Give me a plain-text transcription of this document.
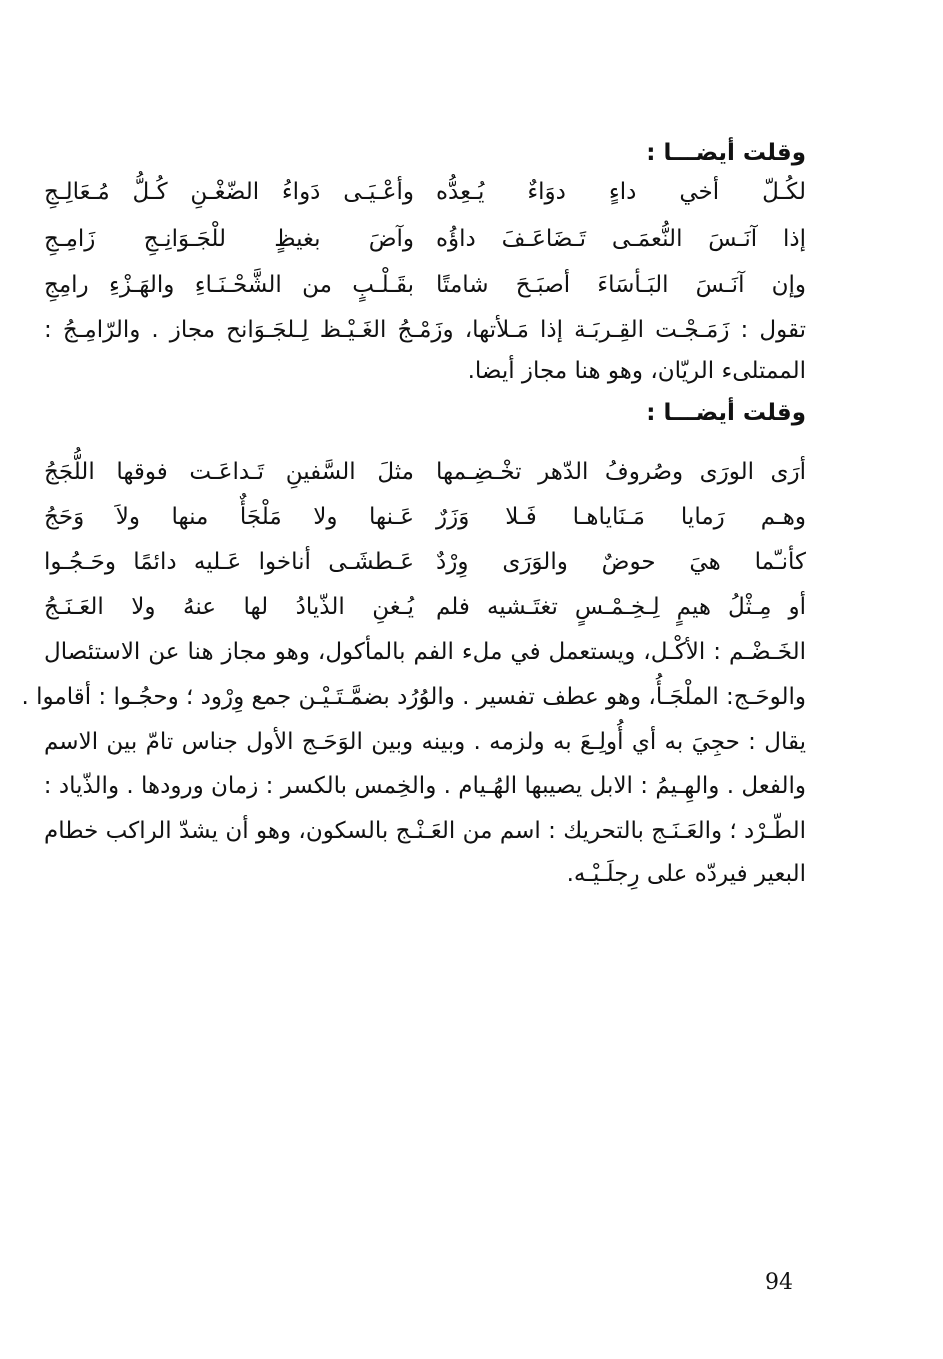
وقلت أيضـــا :
لكُـلّ أخي داءٍ دوَاءٌ يُـعِدُّه
وأعْـيَـى دَواءُ الضّغْـنِ كُـلُّ مُـعَالِـجِ
إذا آنَـسَ النُّعمَـى تَـضَاعَـفَ داؤُه
وآضَ بغيظٍ للْجَـوَانِـجِ زَامِـجِ
وإن آنَـسَ البَـأسَاءَ أصبَـحَ شامتًا
بقَـلْـبٍ من الشَّحْـنَـاءِ والهَـزْءِ رامِجِ
تقول : زَمَـجْـت القِـربَـة إذا مَـلأتها، وزَمْـجُ الغَـيْـظ لِـلجَـوَانح مجاز . والرّامِـجُ :
الممتلىء الريّان، وهو هنا مجاز أيضا.
وقلت أيضـــا :
أرَى الورَى وصُروفُ الدّهر تخْـضِـمها
مثلَ السَّفينِ تَـداعَـت فوقها اللُّجَجُ
وهـم رَمايا مَـنَاياهـا فَـلا وَزَرٌ
عَـنها ولا مَلْجَأٌ منها ولاَ وَحَجُ
كأنـّما هيَ حوضٌ والوَرَى وِرْدٌ
عَـطشَـى أناخوا عَـليه دائمًا وحَـجُـوا
أو مِـثْلُ هيمٍ لِـخِـمْـسٍ تغتَـشيه فلم
يُـغنِ الذّيادُ لها عنهُ ولا العَـنَـجُ
الخَـضْـم : الأكْـل، ويستعمل في ملء الفم بالمأكول، وهو مجاز هنا عن الاستئصال
والوحَـج: الملْجَـأُ، وهو عطف تفسير . والوُرُد بضمَّـتَـيْـن جمع وِرْود ؛ وحجُـوا : أقاموا .
يقال : حجِيَ به أي أُولِـعَ به ولزمه . وبينه وبين الوَحَـج الأول جناس تامّ بين الاسم
والفعل . والهِـيمُ : الابل يصيبها الهُـيام . والخِمس بالكسر : زمان ورودها . والذّياد :
الطّـرْد ؛ والعَـنَـج بالتحريك : اسم من العَـنْـج بالسكون، وهو أن يشدّ الراكب خطام
البعير فيردّه على رِجلَـيْـه.
94
